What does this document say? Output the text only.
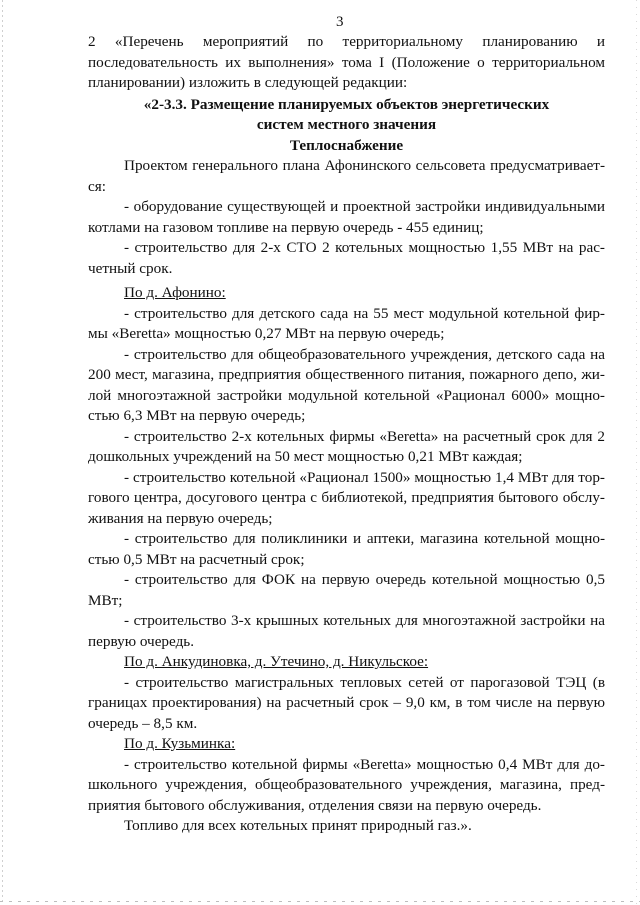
3

2 «Перечень мероприятий по территориальному планированию и последовательность их выполнения» тома I (Положение о территориальном планировании) изложить в следующей редакции:

«2-3.3. Размещение планируемых объектов энергетических

систем местного значения

Теплоснабжение

Проектом генерального плана Афонинского сельсовета предусматривает-ся:

- оборудование существующей и проектной застройки индивидуальными котлами на газовом топливе на первую очередь - 455 единиц;

- строительство для 2-х СТО 2 котельных мощностью 1,55 МВт на рас-четный срок.

По д. Афонино:

- строительство для детского сада на 55 мест модульной котельной фир-мы «Beretta» мощностью 0,27 МВт на первую очередь;

- строительство для общеобразовательного учреждения, детского сада на 200 мест, магазина, предприятия общественного питания, пожарного депо, жи-лой многоэтажной застройки модульной котельной «Рационал 6000» мощно-стью 6,3 МВт на первую очередь;

- строительство 2-х котельных фирмы «Beretta» на расчетный срок для 2 дошкольных учреждений на 50 мест мощностью 0,21 МВт каждая;

- строительство котельной «Рационал 1500» мощностью 1,4 МВт для тор-гового центра, досугового центра с библиотекой, предприятия бытового обслу-живания на первую очередь;

- строительство для поликлиники и аптеки, магазина котельной мощно-стью 0,5 МВт на расчетный срок;

- строительство для ФОК на первую очередь котельной мощностью 0,5 МВт;

- строительство 3-х крышных котельных для многоэтажной застройки на первую очередь.

По д. Анкудиновка, д. Утечино, д. Никульское:

- строительство магистральных тепловых сетей от парогазовой ТЭЦ (в границах проектирования) на расчетный срок – 9,0 км, в том числе на первую очередь – 8,5 км.

По д. Кузьминка:

- строительство котельной фирмы «Beretta» мощностью 0,4 МВт для до-школьного учреждения, общеобразовательного учреждения, магазина, пред-приятия бытового обслуживания, отделения связи на первую очередь.

Топливо для всех котельных принят природный газ.».
